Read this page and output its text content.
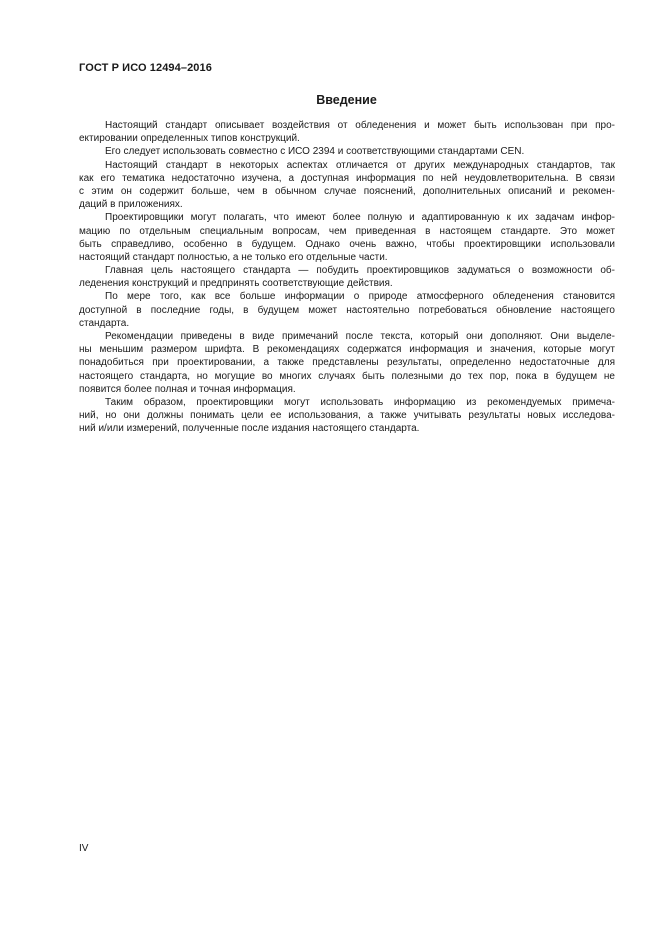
ГОСТ Р ИСО 12494–2016
Введение
Настоящий стандарт описывает воздействия от обледенения и может быть использован при про-
ектировании определенных типов конструкций.
Его следует использовать совместно с ИСО 2394 и соответствующими стандартами CEN.
Настоящий стандарт в некоторых аспектах отличается от других международных стандартов, так
как его тематика недостаточно изучена, а доступная информация по ней неудовлетворительна. В связи
с этим он содержит больше, чем в обычном случае пояснений, дополнительных описаний и рекомен-
даций в приложениях.
Проектировщики могут полагать, что имеют более полную и адаптированную к их задачам инфор-
мацию по отдельным специальным вопросам, чем приведенная в настоящем стандарте. Это может
быть справедливо, особенно в будущем. Однако очень важно, чтобы проектировщики использовали
настоящий стандарт полностью, а не только его отдельные части.
Главная цель настоящего стандарта — побудить проектировщиков задуматься о возможности об-
леденения конструкций и предпринять соответствующие действия.
По мере того, как все больше информации о природе атмосферного обледенения становится
доступной в последние годы, в будущем может настоятельно потребоваться обновление настоящего
стандарта.
Рекомендации приведены в виде примечаний после текста, который они дополняют. Они выделе-
ны меньшим размером шрифта. В рекомендациях содержатся информация и значения, которые могут
понадобиться при проектировании, а также представлены результаты, определенно недостаточные для
настоящего стандарта, но могущие во многих случаях быть полезными до тех пор, пока в будущем не
появится более полная и точная информация.
Таким образом, проектировщики могут использовать информацию из рекомендуемых примеча-
ний, но они должны понимать цели ее использования, а также учитывать результаты новых исследова-
ний и/или измерений, полученные после издания настоящего стандарта.
IV
